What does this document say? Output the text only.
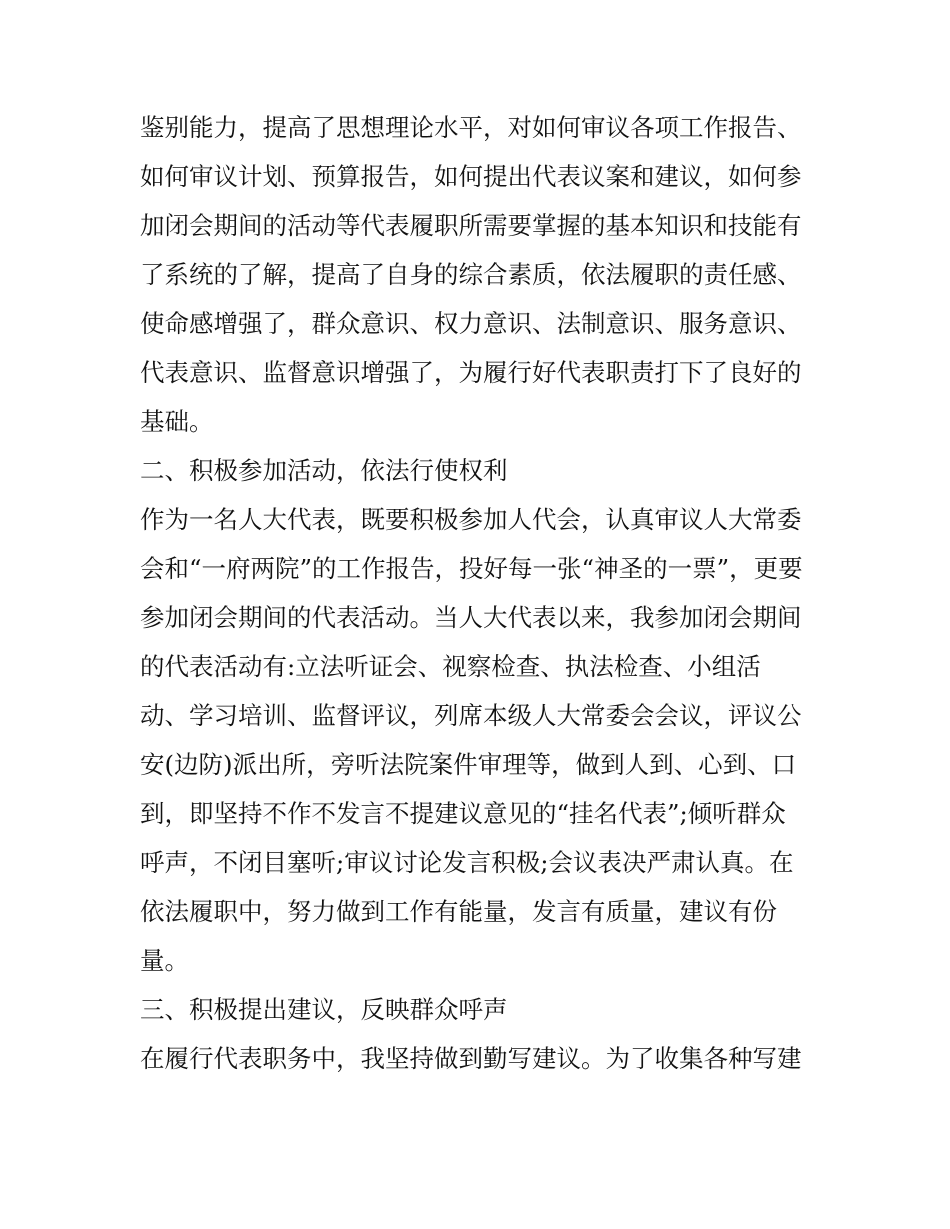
鉴别能力，提高了思想理论水平，对如何审议各项工作报告、
如何审议计划、预算报告，如何提出代表议案和建议，如何参
加闭会期间的活动等代表履职所需要掌握的基本知识和技能有
了系统的了解，提高了自身的综合素质，依法履职的责任感、
使命感增强了，群众意识、权力意识、法制意识、服务意识、
代表意识、监督意识增强了，为履行好代表职责打下了良好的
基础。
二、积极参加活动，依法行使权利
作为一名人大代表，既要积极参加人代会，认真审议人大常委
会和“一府两院”的工作报告，投好每一张“神圣的一票”，更要
参加闭会期间的代表活动。当人大代表以来，我参加闭会期间
的代表活动有:立法听证会、视察检查、执法检查、小组活
动、学习培训、监督评议，列席本级人大常委会会议，评议公
安(边防)派出所，旁听法院案件审理等，做到人到、心到、口
到，即坚持不作不发言不提建议意见的“挂名代表”;倾听群众
呼声，不闭目塞听;审议讨论发言积极;会议表决严肃认真。在
依法履职中，努力做到工作有能量，发言有质量，建议有份
量。
三、积极提出建议，反映群众呼声
在履行代表职务中，我坚持做到勤写建议。为了收集各种写建
